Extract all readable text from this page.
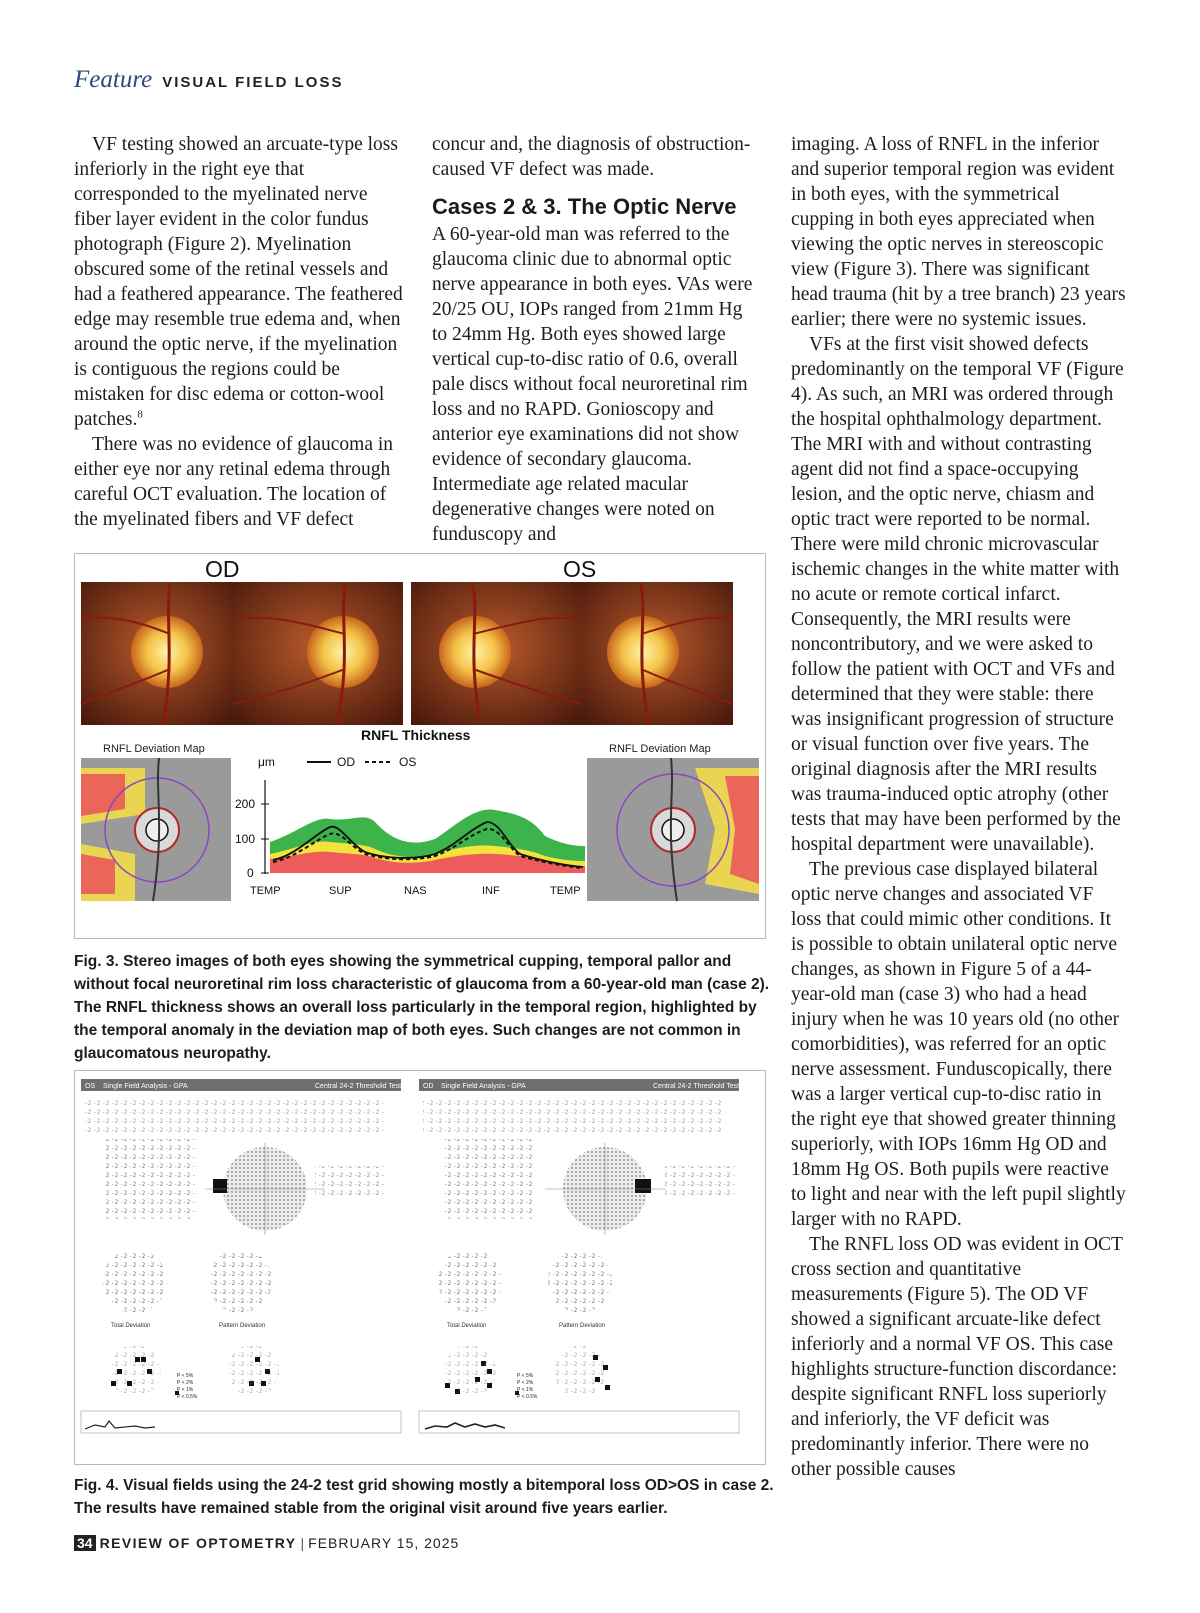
Feature VISUAL FIELD LOSS

VF testing showed an arcuate-type loss inferiorly in the right eye that corresponded to the myelinated nerve fiber layer evident in the color fundus photograph (Figure 2). Myelination obscured some of the retinal vessels and had a feathered appearance. The feathered edge may resemble true edema and, when around the optic nerve, if the myelination is contiguous the regions could be mistaken for disc edema or cotton-wool patches.$^8$

There was no evidence of glaucoma in either eye nor any retinal edema through careful OCT evaluation. The location of the myelinated fibers and VF defect

concur and, the diagnosis of obstruction-caused VF defect was made.

Cases 2 & 3. The Optic Nerve

A 60-year-old man was referred to the glaucoma clinic due to abnormal optic nerve appearance in both eyes. VAs were 20/25 OU, IOPs ranged from 21mm Hg to 24mm Hg. Both eyes showed large vertical cup-to-disc ratio of 0.6, overall pale discs without focal neuroretinal rim loss and no RAPD. Gonioscopy and anterior eye examinations did not show evidence of secondary glaucoma. Intermediate age related macular degenerative changes were noted on funduscopy and

imaging. A loss of RNFL in the inferior and superior temporal region was evident in both eyes, with the symmetrical cupping in both eyes appreciated when viewing the optic nerves in stereoscopic view (Figure 3). There was significant head trauma (hit by a tree branch) 23 years earlier; there were no systemic issues.

VFs at the first visit showed defects predominantly on the temporal VF (Figure 4). As such, an MRI was ordered through the hospital ophthalmology department. The MRI with and without contrasting agent did not find a space-occupying lesion, and the optic nerve, chiasm and optic tract were reported to be normal. There were mild chronic microvascular ischemic changes in the white matter with no acute or remote cortical infarct. Consequently, the MRI results were noncontributory, and we were asked to follow the patient with OCT and VFs and determined that they were stable: there was insignificant progression of structure or visual function over five years. The original diagnosis after the MRI results was trauma-induced optic atrophy (other tests that may have been performed by the hospital department were unavailable).

The previous case displayed bilateral optic nerve changes and associated VF loss that could mimic other conditions. It is possible to obtain unilateral optic nerve changes, as shown in Figure 5 of a 44-year-old man (case 3) who had a head injury when he was 10 years old (no other comorbidities), was referred for an optic nerve assessment. Funduscopically, there was a larger vertical cup-to-disc ratio in the right eye that showed greater thinning superiorly, with IOPs 16mm Hg OD and 18mm Hg OS. Both pupils were reactive to light and near with the left pupil slightly larger with no RAPD.

The RNFL loss OD was evident in OCT cross section and quantitative measurements (Figure 5). The OD VF showed a significant arcuate-like defect inferiorly and a normal VF OS. This case highlights structure-function discordance: despite significant RNFL loss superiorly and inferiorly, the VF deficit was predominantly inferior. There were no other possible causes

OD	OS
RNFL Deviation Map	RNFL Deviation Map
RNFL Thickness
μm	OD	OS
200
100
0
TEMP	SUP	NAS	INF	TEMP
Fig. 3. Stereo images of both eyes showing the symmetrical cupping, temporal pallor and without focal neuroretinal rim loss characteristic of glaucoma from a 60-year-old man (case 2). The RNFL thickness shows an overall loss particularly in the temporal region, highlighted by the temporal anomaly in the deviation map of both eyes. Such changes are not common in glaucomatous neuropathy.
OS Single Field Analysis - GPA	Central 24-2 Threshold Test
Total Deviation	Pattern Deviation
P < 5%
P < 2%
P < 1%
P < 0.5%
OD Single Field Analysis - GPA	Central 24-2 Threshold Test
Total Deviation	Pattern Deviation
P < 5%
P < 2%
P < 1%
P < 0.5%
Fig. 4. Visual fields using the 24-2 test grid showing mostly a bitemporal loss OD>OS in case 2. The results have remained stable from the original visit around five years earlier.
34 REVIEW OF OPTOMETRY | FEBRUARY 15, 2025
